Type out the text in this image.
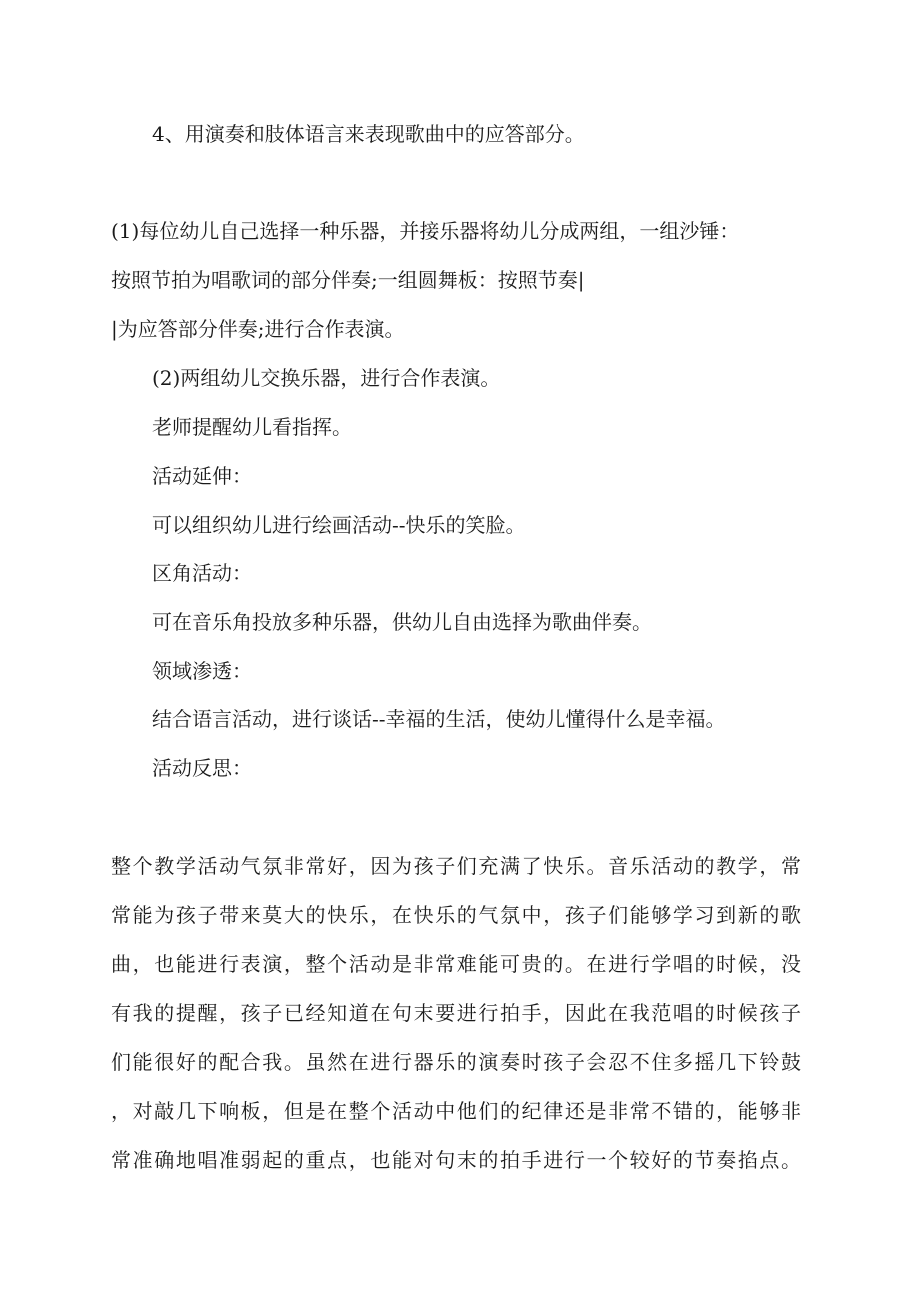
4、用演奏和肢体语言来表现歌曲中的应答部分。
(1)每位幼儿自己选择一种乐器，并接乐器将幼儿分成两组，一组沙锤：
按照节拍为唱歌词的部分伴奏;一组圆舞板：按照节奏|
|为应答部分伴奏;进行合作表演。
(2)两组幼儿交换乐器，进行合作表演。
老师提醒幼儿看指挥。
活动延伸：
可以组织幼儿进行绘画活动--快乐的笑脸。
区角活动：
可在音乐角投放多种乐器，供幼儿自由选择为歌曲伴奏。
领域渗透：
结合语言活动，进行谈话--幸福的生活，使幼儿懂得什么是幸福。
活动反思：
整个教学活动气氛非常好，因为孩子们充满了快乐。音乐活动的教学，常
常能为孩子带来莫大的快乐，在快乐的气氛中，孩子们能够学习到新的歌
曲，也能进行表演，整个活动是非常难能可贵的。在进行学唱的时候，没
有我的提醒，孩子已经知道在句末要进行拍手，因此在我范唱的时候孩子
们能很好的配合我。虽然在进行器乐的演奏时孩子会忍不住多摇几下铃鼓
，对敲几下响板，但是在整个活动中他们的纪律还是非常不错的，能够非
常准确地唱准弱起的重点，也能对句末的拍手进行一个较好的节奏掐点。
